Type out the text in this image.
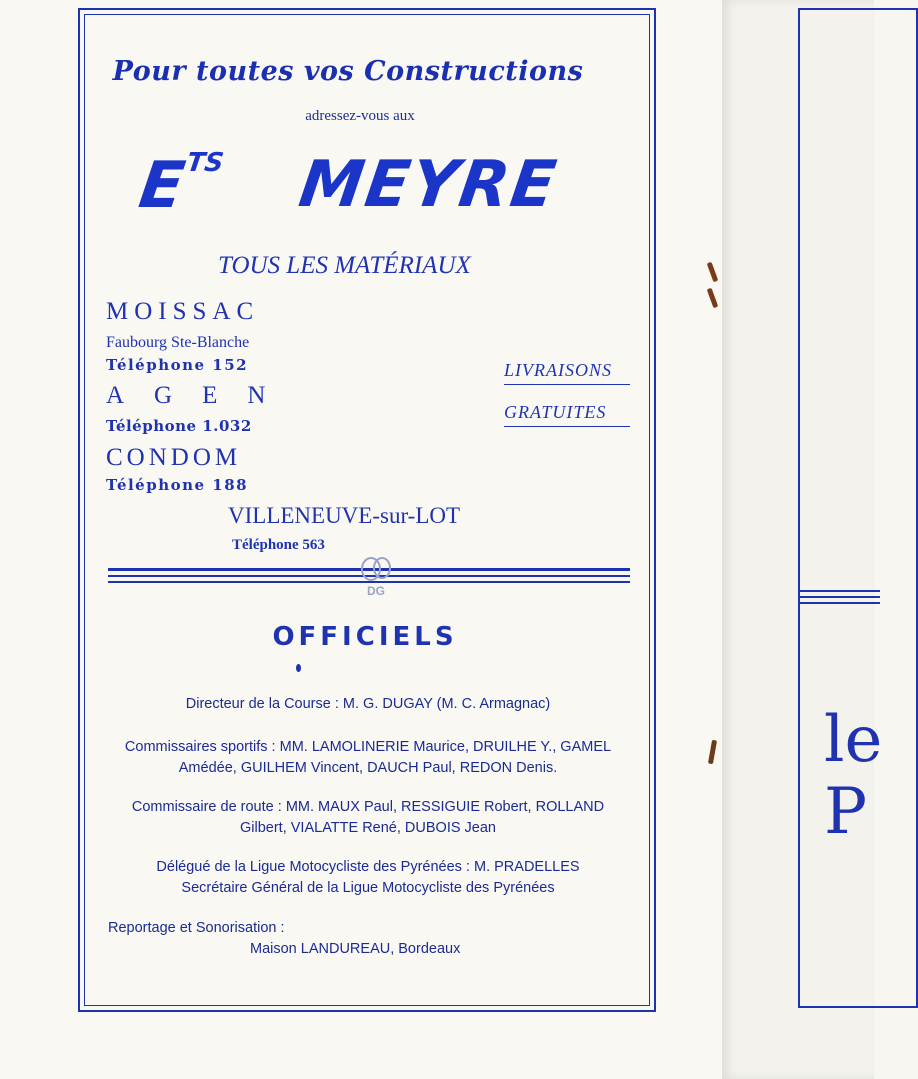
Pour toutes vos Constructions
adressez-vous aux
$E^{TS}$ MEYRE
TOUS LES MATÉRIAUX
MOISSAC
Faubourg Ste-Blanche
Téléphone 152
AGEN
Téléphone 1.032
CONDOM
Téléphone 188
LIVRAISONS
GRATUITES
VILLENEUVE-sur-LOT
Téléphone 563
DG
OFFICIELS
Directeur de la Course : M. G. DUGAY (M. C. Armagnac)
Commissaires sportifs : MM. LAMOLINERIE Maurice, DRUILHE Y., GAMEL Amédée, GUILHEM Vincent, DAUCH Paul, REDON Denis.
Commissaire de route : MM. MAUX Paul, RESSIGUIE Robert, ROLLAND Gilbert, VIALATTE René, DUBOIS Jean
Délégué de la Ligue Motocycliste des Pyrénées : M. PRADELLES
Secrétaire Général de la Ligue Motocycliste des Pyrénées
Reportage et Sonorisation :
Maison LANDUREAU, Bordeaux
le
P
